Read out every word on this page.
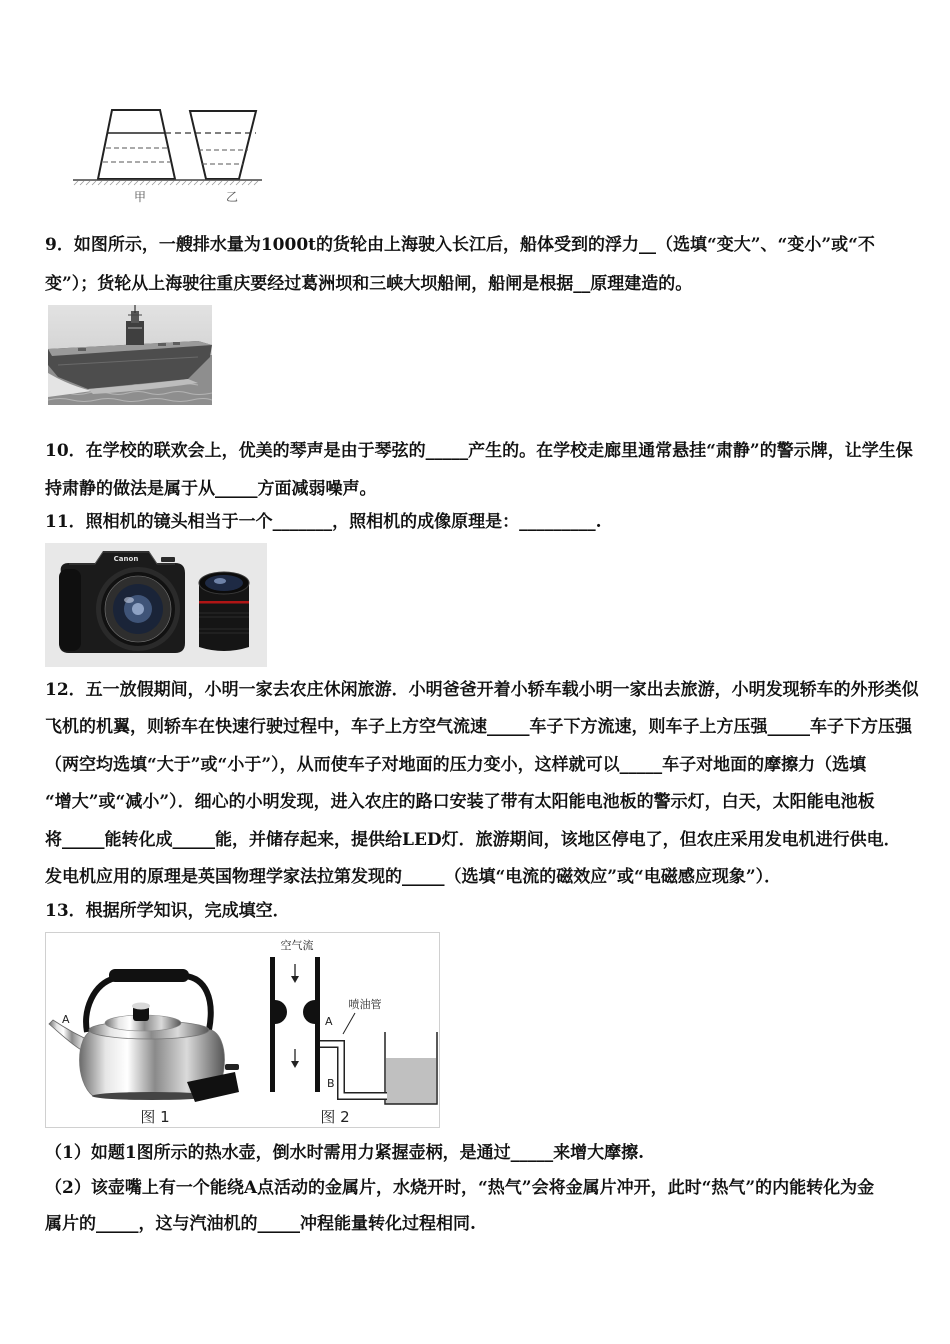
甲	乙
9．如图所示，一艘排水量为1000t的货轮由上海驶入长江后，船体受到的浮力__（选填“变大”、“变小”或“不
变”）；货轮从上海驶往重庆要经过葛洲坝和三峡大坝船闸，船闸是根据__原理建造的。
10．在学校的联欢会上，优美的琴声是由于琴弦的_____产生的。在学校走廊里通常悬挂“肃静”的警示牌，让学生保
持肃静的做法是属于从_____方面减弱噪声。
11．照相机的镜头相当于一个_______，照相机的成像原理是：_________.
Canon
12．五一放假期间，小明一家去农庄休闲旅游．小明爸爸开着小轿车载小明一家出去旅游，小明发现轿车的外形类似
飞机的机翼，则轿车在快速行驶过程中，车子上方空气流速_____车子下方流速，则车子上方压强_____车子下方压强
（两空均选填“大于”或“小于”），从而使车子对地面的压力变小，这样就可以_____车子对地面的摩擦力（选填
“增大”或“减小”）．细心的小明发现，进入农庄的路口安装了带有太阳能电池板的警示灯，白天，太阳能电池板
将_____能转化成_____能，并储存起来，提供给LED灯．旅游期间，该地区停电了，但农庄采用发电机进行供电．
发电机应用的原理是英国物理学家法拉第发现的_____（选填“电流的磁效应”或“电磁感应现象”）．
13．根据所学知识，完成填空．
A
图 1
空气流
A
B
喷油管
图 2
（1）如题1图所示的热水壶，倒水时需用力紧握壶柄，是通过_____来增大摩擦.
（2）该壶嘴上有一个能绕A点活动的金属片，水烧开时，“热气”会将金属片冲开，此时“热气”的内能转化为金
属片的_____，这与汽油机的_____冲程能量转化过程相同.
